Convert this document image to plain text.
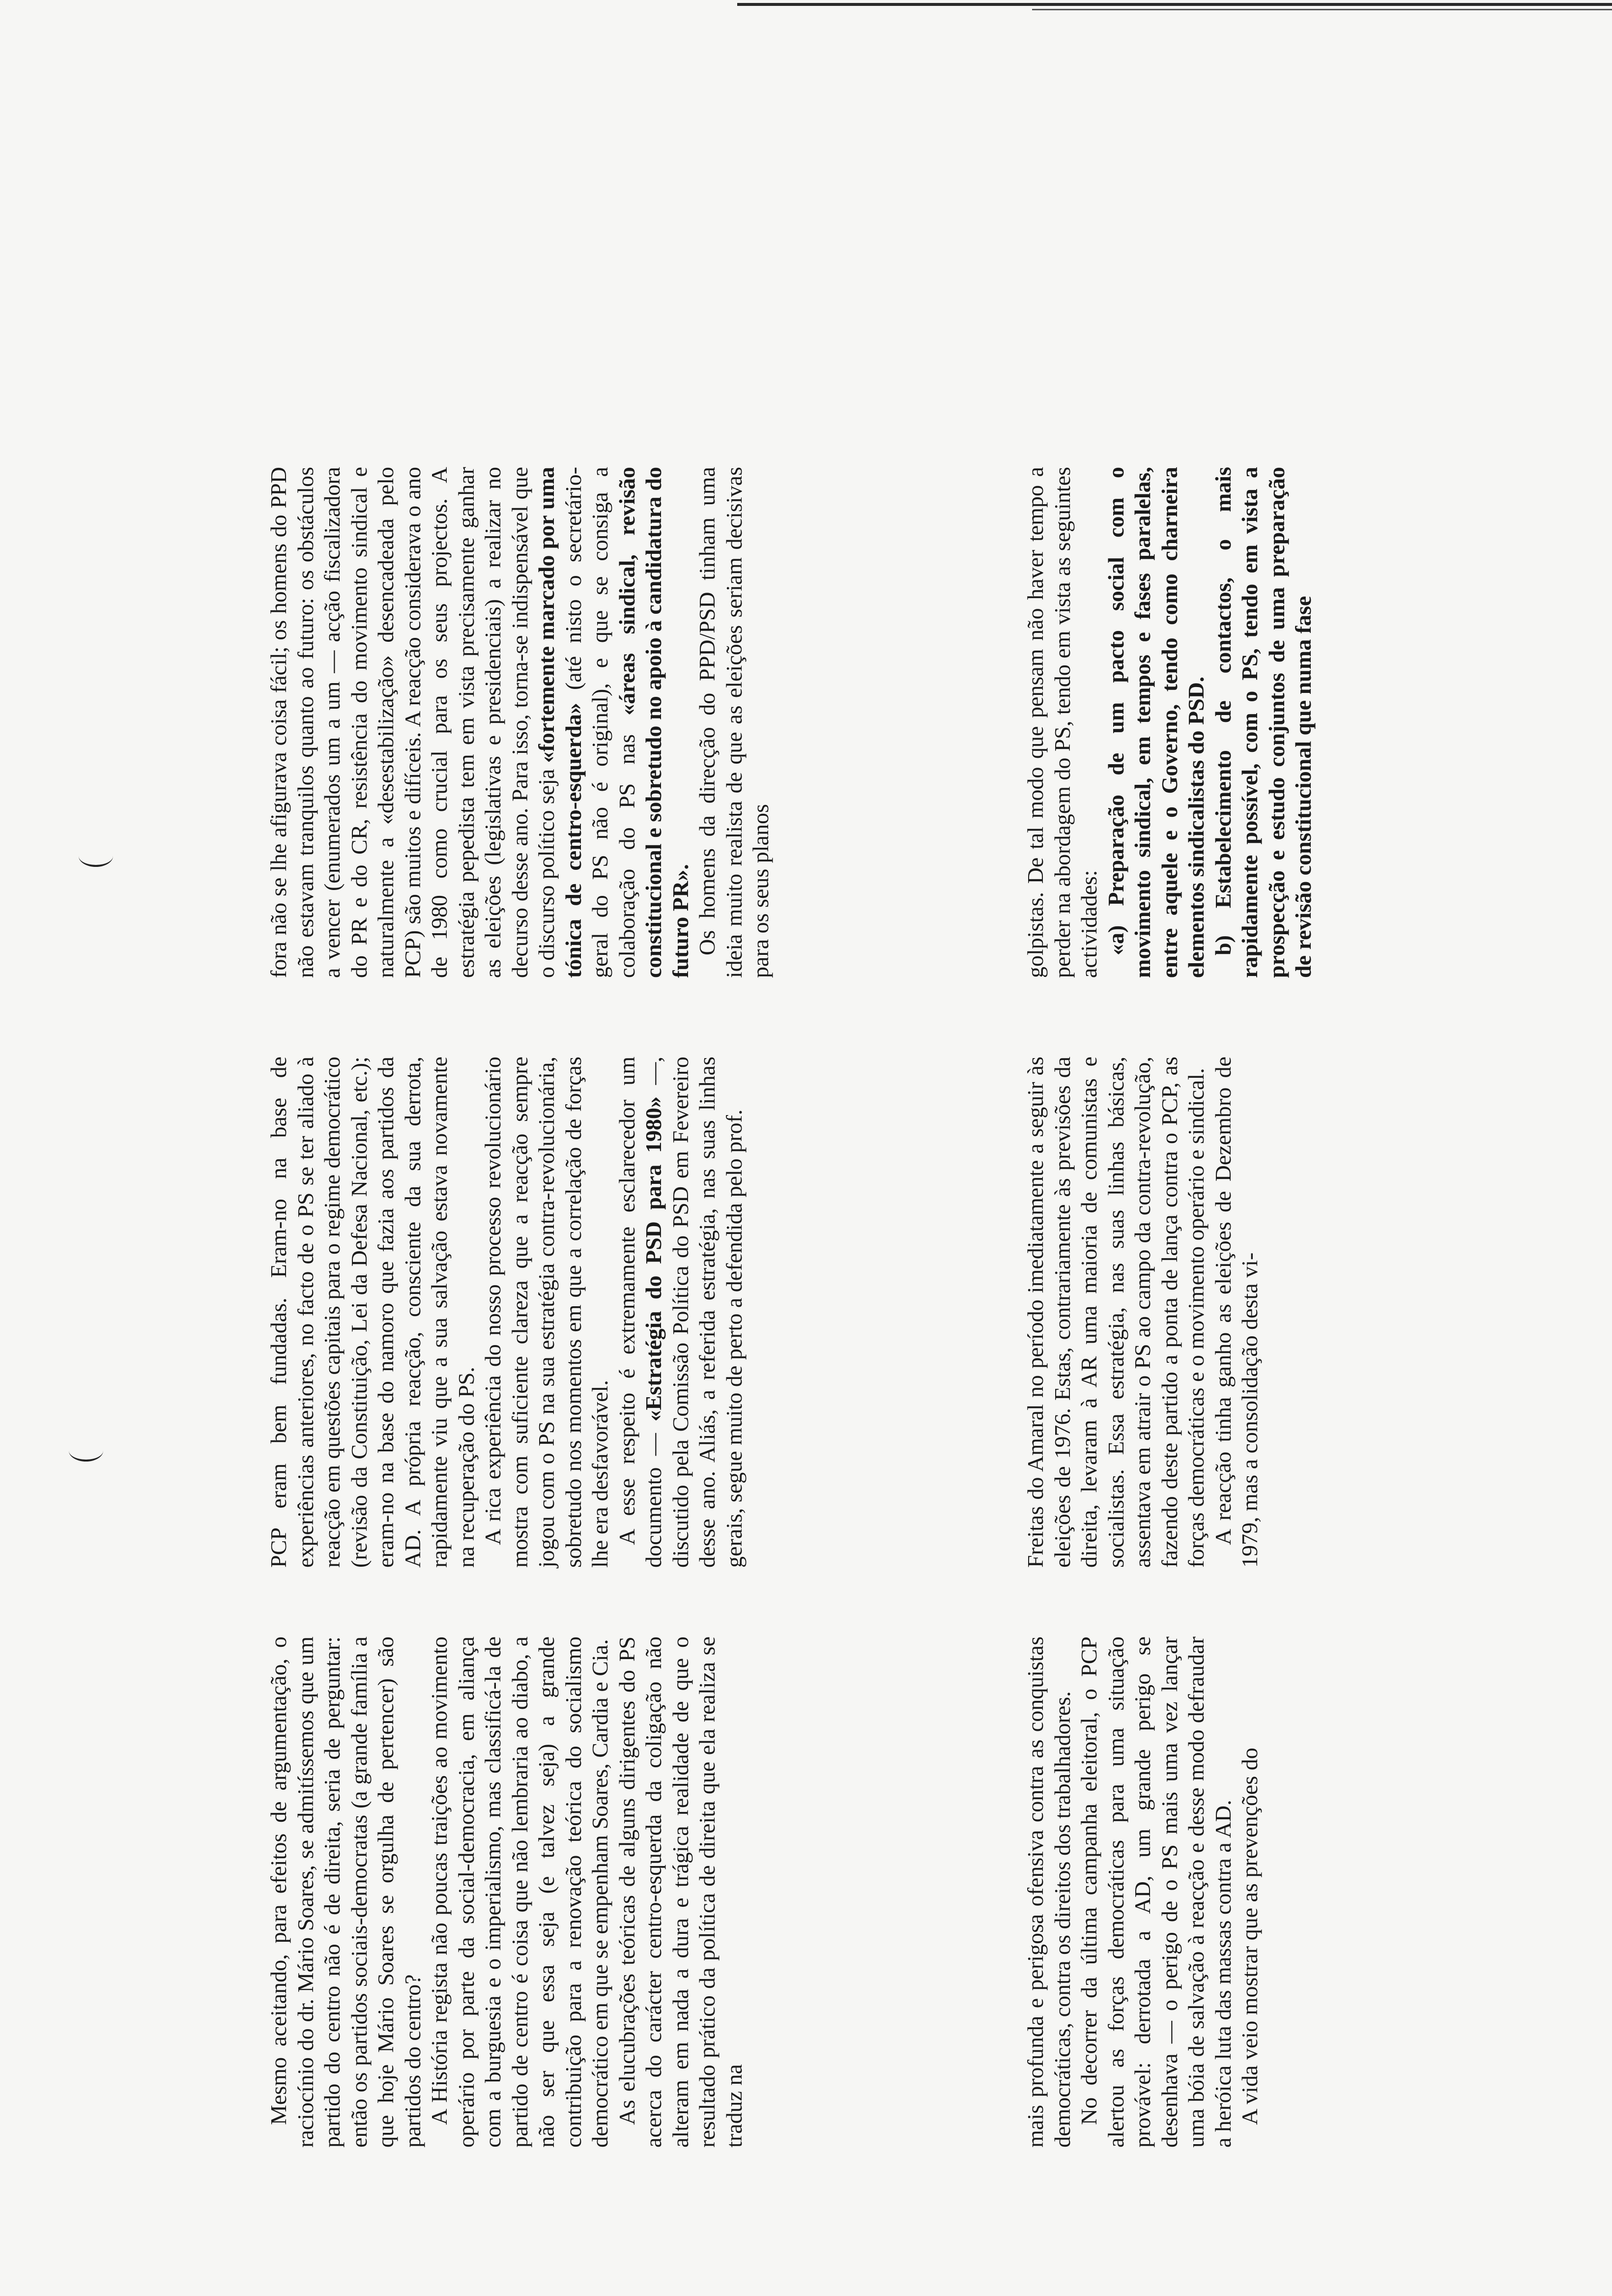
Mesmo aceitando, para efeitos de argumentação, o raciocínio do dr. Mário Soares, se admitíssemos que um partido do centro não é de direita, seria de perguntar: então os partidos sociais-democratas (a grande família a que hoje Mário Soares se orgulha de pertencer) são partidos do centro? A História regista não poucas traições ao movimento operário por parte da social-democracia, em aliança com a burguesia e o imperialismo, mas classificá-la de partido de centro é coisa que não lembraria ao diabo, a não ser que essa seja (e talvez seja) a grande contribuição para a renovação teórica do socialismo democrático em que se empenham Soares, Cardia e Cia. As elucubrações teóricas de alguns dirigentes do PS acerca do carácter centro-esquerda da coligação não alteram em nada a dura e trágica realidade de que o resultado prático da política de direita que ela realiza se traduz na

PCP eram bem fundadas. Eram-no na base de experiências anteriores, no facto de o PS se ter aliado à reacção em questões capitais para o regime democrático (revisão da Constituição, Lei da Defesa Nacional, etc.); eram-no na base do namoro que fazia aos partidos da AD. A própria reacção, consciente da sua derrota, rapidamente viu que a sua salvação estava novamente na recuperação do PS. A rica experiência do nosso processo revolucionário mostra com suficiente clareza que a reacção sempre jogou com o PS na sua estratégia contra-revolucionária, sobretudo nos momentos em que a correlação de forças lhe era desfavorável. A esse respeito é extremamente esclarecedor um documento — «Estratégia do PSD para 1980» —, discutido pela Comissão Política do PSD em Fevereiro desse ano. Aliás, a referida estratégia, nas suas linhas gerais, segue muito de perto a defendida pelo prof.

fora não se lhe afigurava coisa fácil; os homens do PPD não estavam tranquilos quanto ao futuro: os obstáculos a vencer (enumerados um a um — acção fiscalizadora do PR e do CR, resistência do movimento sindical e naturalmente a «desestabilização» desencadeada pelo PCP) são muitos e difíceis. A reacção considerava o ano de 1980 como crucial para os seus projectos. A estratégia pepedista tem em vista precisamente ganhar as eleições (legislativas e presidenciais) a realizar no decurso desse ano. Para isso, torna-se indispensável que o discurso político seja «fortemente marcado por uma tónica de centro-esquerda» (até nisto o secretário-geral do PS não é original), e que se consiga a colaboração do PS nas «áreas sindical, revisão constitucional e sobretudo no apoio à candidatura do futuro PR». Os homens da direcção do PPD/PSD tinham uma ideia muito realista de que as eleições seriam decisivas para os seus planos

mais profunda e perigosa ofensiva contra as conquistas democráticas, contra os direitos dos trabalhadores. No decorrer da última campanha eleitoral, o PCP alertou as forças democráticas para uma situação provável: derrotada a AD, um grande perigo se desenhava — o perigo de o PS mais uma vez lançar uma bóia de salvação à reacção e desse modo defraudar a heróica luta das massas contra a AD. A vida veio mostrar que as prevenções do

Freitas do Amaral no período imediatamente a seguir às eleições de 1976. Estas, contrariamente às previsões da direita, levaram à AR uma maioria de comunistas e socialistas. Essa estratégia, nas suas linhas básicas, assentava em atrair o PS ao campo da contra-revolução, fazendo deste partido a ponta de lança contra o PCP, as forças democráticas e o movimento operário e sindical. A reacção tinha ganho as eleições de Dezembro de 1979, mas a consolidação desta vi-

golpistas. De tal modo que pensam não haver tempo a perder na abordagem do PS, tendo em vista as seguintes actividades: «a) Preparação de um pacto social com o movimento sindical, em tempos e fases paralelas, entre aquele e o Governo, tendo como charneira elementos sindicalistas do PSD. b) Estabelecimento de contactos, o mais rapidamente possível, com o PS, tendo em vista a prospecção e estudo conjuntos de uma preparação de revisão constitucional que numa fase
